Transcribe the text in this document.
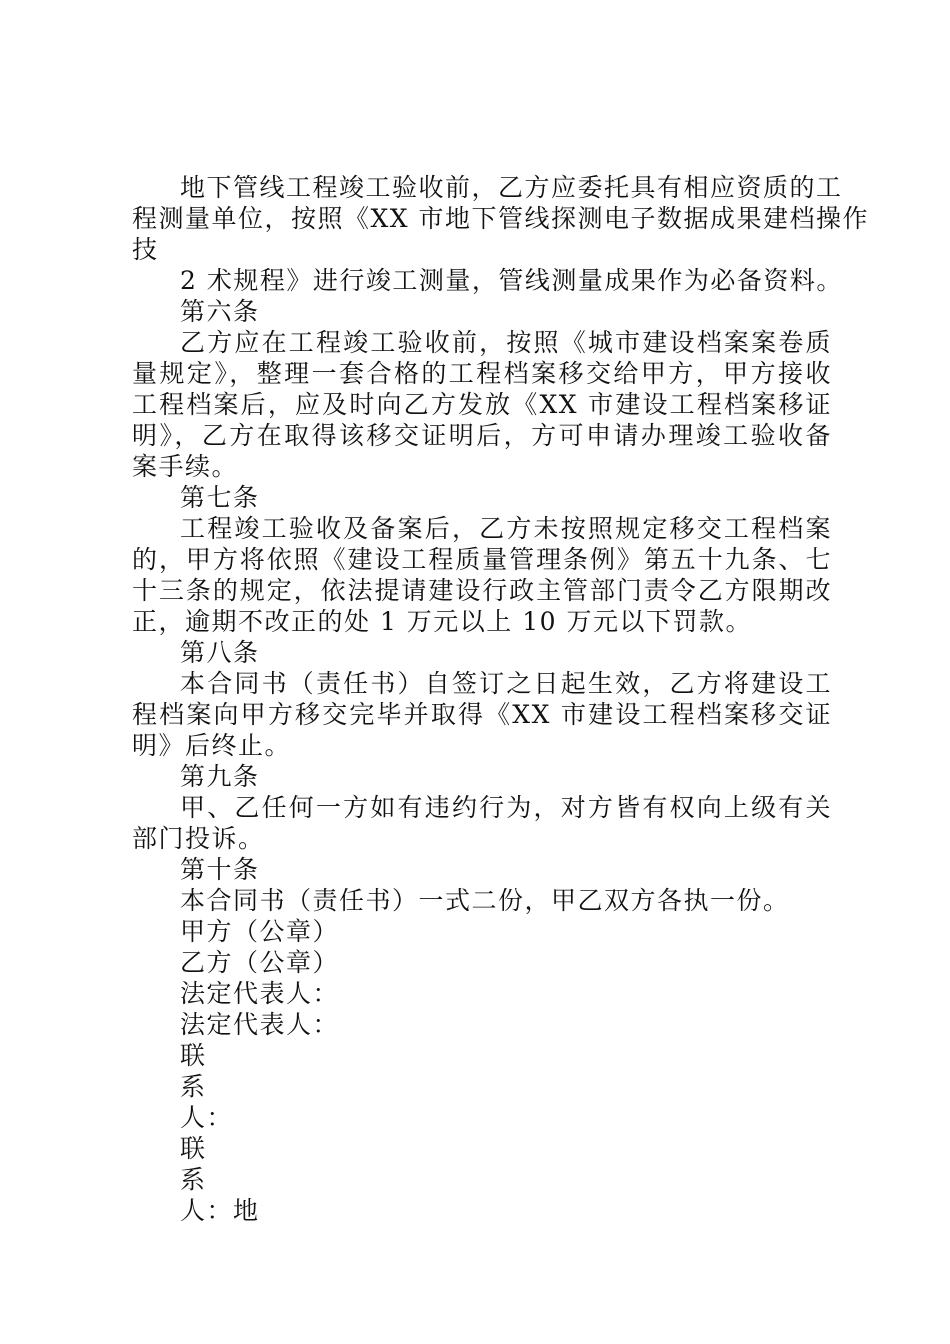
地下管线工程竣工验收前，乙方应委托具有相应资质的工

程测量单位，按照《XX 市地下管线探测电子数据成果建档操作

技

2 术规程》进行竣工测量，管线测量成果作为必备资料。

第六条

乙方应在工程竣工验收前，按照《城市建设档案案卷质量规定》，整理一套合格的工程档案移交给甲方，甲方接收工程档案后，应及时向乙方发放《XX 市建设工程档案移证明》，乙方在取得该移交证明后，方可申请办理竣工验收备案手续。

第七条

工程竣工验收及备案后，乙方未按照规定移交工程档案的，甲方将依照《建设工程质量管理条例》第五十九条、七十三条的规定，依法提请建设行政主管部门责令乙方限期改正，逾期不改正的处 1 万元以上 10 万元以下罚款。

第八条

本合同书（责任书）自签订之日起生效，乙方将建设工程档案向甲方移交完毕并取得《XX 市建设工程档案移交证明》后终止。

第九条

甲、乙任何一方如有违约行为，对方皆有权向上级有关部门投诉。

第十条

本合同书（责任书）一式二份，甲乙双方各执一份。

甲方（公章）

乙方（公章）

法定代表人：

法定代表人：

联

系

人：

联

系

人：地
